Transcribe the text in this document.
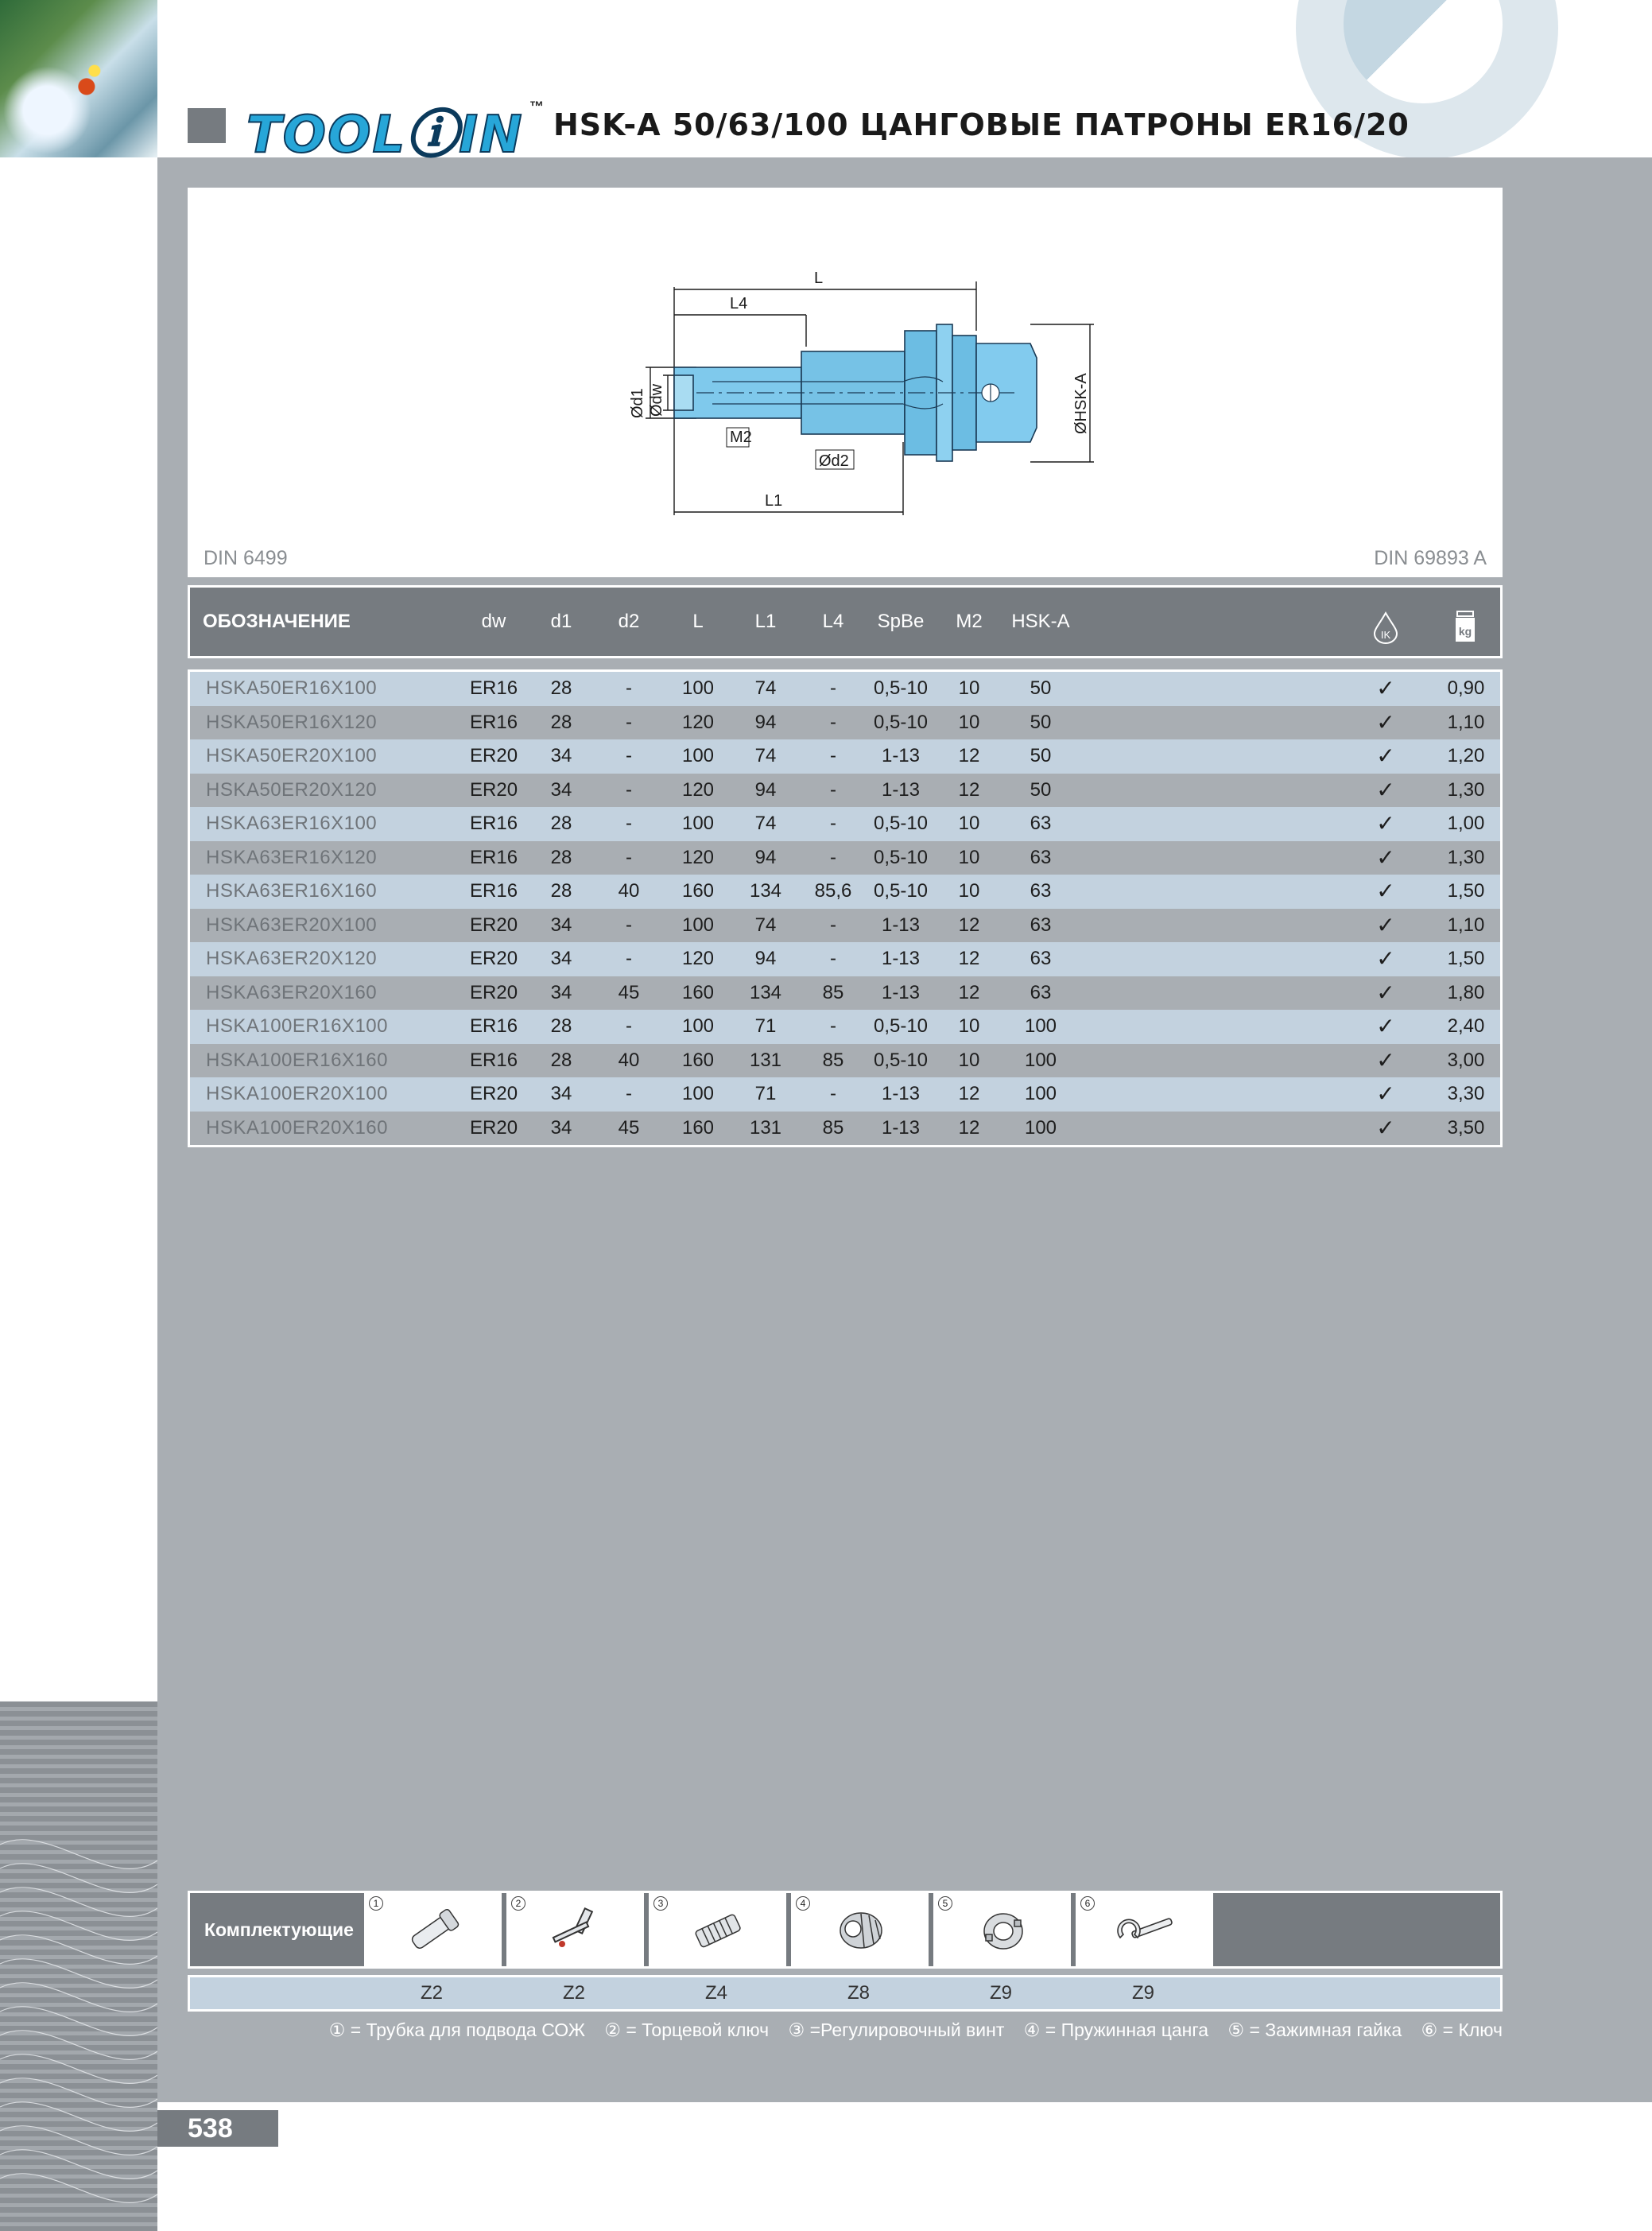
TOOLⓘIN ™
HSK-A 50/63/100 ЦАНГОВЫЕ ПАТРОНЫ ER16/20
L
L4
L1
M2
Ød2
Ød1 Ødw	ØHSK-A
DIN 6499	DIN 69893 A
ОБОЗНАЧЕНИЕ	dw	d1	d2	L	L1	L4	SpBe	M2	HSK-A
IK	kg
HSKA50ER16X100	ER16	28	-	100	74	-	0,5-10	10	50	✓	0,90
HSKA50ER16X120	ER16	28	-	120	94	-	0,5-10	10	50	✓	1,10
HSKA50ER20X100	ER20	34	-	100	74	-	1-13	12	50	✓	1,20
HSKA50ER20X120	ER20	34	-	120	94	-	1-13	12	50	✓	1,30
HSKA63ER16X100	ER16	28	-	100	74	-	0,5-10	10	63	✓	1,00
HSKA63ER16X120	ER16	28	-	120	94	-	0,5-10	10	63	✓	1,30
HSKA63ER16X160	ER16	28	40	160	134	85,6	0,5-10	10	63	✓	1,50
HSKA63ER20X100	ER20	34	-	100	74	-	1-13	12	63	✓	1,10
HSKA63ER20X120	ER20	34	-	120	94	-	1-13	12	63	✓	1,50
HSKA63ER20X160	ER20	34	45	160	134	85	1-13	12	63	✓	1,80
HSKA100ER16X100	ER16	28	-	100	71	-	0,5-10	10	100	✓	2,40
HSKA100ER16X160	ER16	28	40	160	131	85	0,5-10	10	100	✓	3,00
HSKA100ER20X100	ER20	34	-	100	71	-	1-13	12	100	✓	3,30
HSKA100ER20X160	ER20	34	45	160	131	85	1-13	12	100	✓	3,50
Комплектующие
1	2	3	4	5	6
Z2	Z2	Z4	Z8	Z9	Z9
① = Трубка для подвода СОЖ ② = Торцевой ключ ③ =Регулировочный винт ④ = Пружинная цанга ⑤ = Зажимная гайка ⑥ = Ключ
538
